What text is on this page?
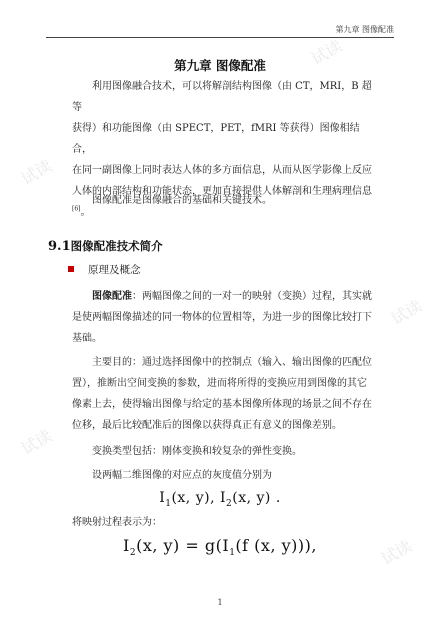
试读
试读
试读
试读
试读
第九章 图像配准
第九章 图像配准

利用图像融合技术，可以将解剖结构图像（由 CT，MRI，B 超等
获得）和功能图像（由 SPECT，PET，fMRI 等获得）图像相结合，
在同一副图像上同时表达人体的多方面信息，从而从医学影像上反应
人体的内部结构和功能状态，更加直接提供人体解剖和生理病理信息
[6]。

图像配准是图像融合的基础和关键技术。

9.1图像配准技术简介
原理及概念

图像配准：两幅图像之间的一对一的映射（变换）过程，其实就
是使两幅图像描述的同一物体的位置相等，为进一步的图像比较打下
基础。

主要目的：通过选择图像中的控制点（输入、输出图像的匹配位
置），推断出空间变换的参数，进而将所得的变换应用到图像的其它
像素上去，使得输出图像与给定的基本图像所体现的场景之间不存在
位移，最后比较配准后的图像以获得真正有意义的图像差别。

变换类型包括：刚体变换和较复杂的弹性变换。

设两幅二维图像的对应点的灰度值分别为

$I_1(x$, y), $I_2(x$, y) .

将映射过程表示为：

$I_2(x$, $y) = g(I_1(f$ (x, y))),
1
